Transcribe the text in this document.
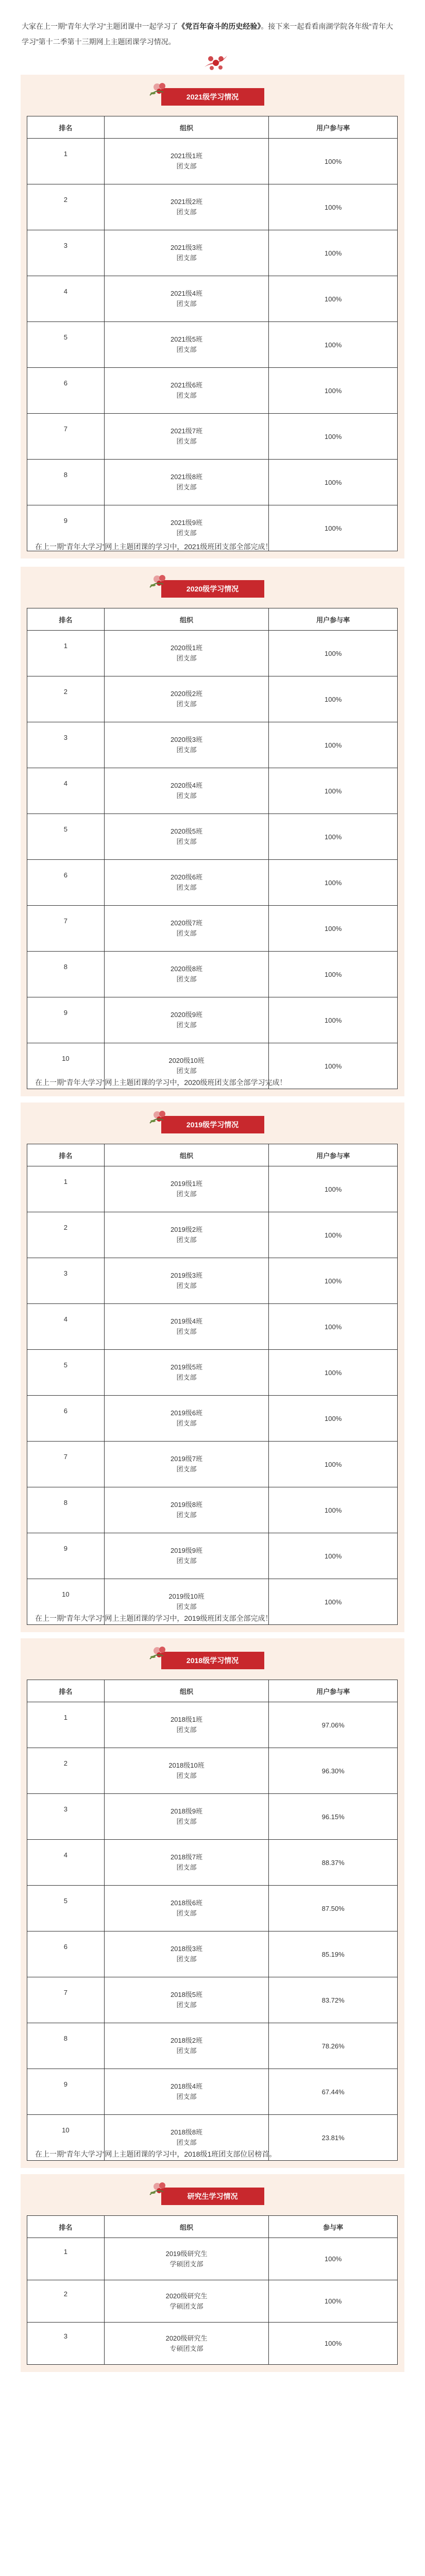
大家在上一期“青年大学习”主题团课中一起学习了《党百年奋斗的历史经验》。接下来一起看看南湖学院各年级“青年大学习”第十二季第十三期网上主题团课学习情况。
2021级学习情况
排名	组织	用户参与率

1	2021级1班
团支部	100%

2	2021级2班
团支部	100%

3	2021级3班
团支部	100%

4	2021级4班
团支部	100%

5	2021级5班
团支部	100%

6	2021级6班
团支部	100%

7	2021级7班
团支部	100%

8	2021级8班
团支部	100%

9	2021级9班
团支部	100%
在上一期“青年大学习”网上主题团课的学习中，2021级班团支部全部完成！
2020级学习情况
排名	组织	用户参与率

1	2020级1班
团支部	100%

2	2020级2班
团支部	100%

3	2020级3班
团支部	100%

4	2020级4班
团支部	100%

5	2020级5班
团支部	100%

6	2020级6班
团支部	100%

7	2020级7班
团支部	100%

8	2020级8班
团支部	100%

9	2020级9班
团支部	100%

10	2020级10班
团支部	100%
在上一期“青年大学习”网上主题团课的学习中，2020级班团支部全部学习完成！
2019级学习情况
排名	组织	用户参与率

1	2019级1班
团支部	100%

2	2019级2班
团支部	100%

3	2019级3班
团支部	100%

4	2019级4班
团支部	100%

5	2019级5班
团支部	100%

6	2019级6班
团支部	100%

7	2019级7班
团支部	100%

8	2019级8班
团支部	100%

9	2019级9班
团支部	100%

10	2019级10班
团支部	100%
在上一期“青年大学习”网上主题团课的学习中，2019级班团支部全部完成！
2018级学习情况
排名	组织	用户参与率

1	2018级1班
团支部	97.06%

2	2018级10班
团支部	96.30%

3	2018级9班
团支部	96.15%

4	2018级7班
团支部	88.37%

5	2018级6班
团支部	87.50%

6	2018级3班
团支部	85.19%

7	2018级5班
团支部	83.72%

8	2018级2班
团支部	78.26%

9	2018级4班
团支部	67.44%

10	2018级8班
团支部	23.81%
在上一期“青年大学习”网上主题团课的学习中，2018级1班团支部位居榜首。
研究生学习情况
排名	组织	参与率

1	2019级研究生
学硕团支部	100%

2	2020级研究生
学硕团支部	100%

3	2020级研究生
专硕团支部	100%
